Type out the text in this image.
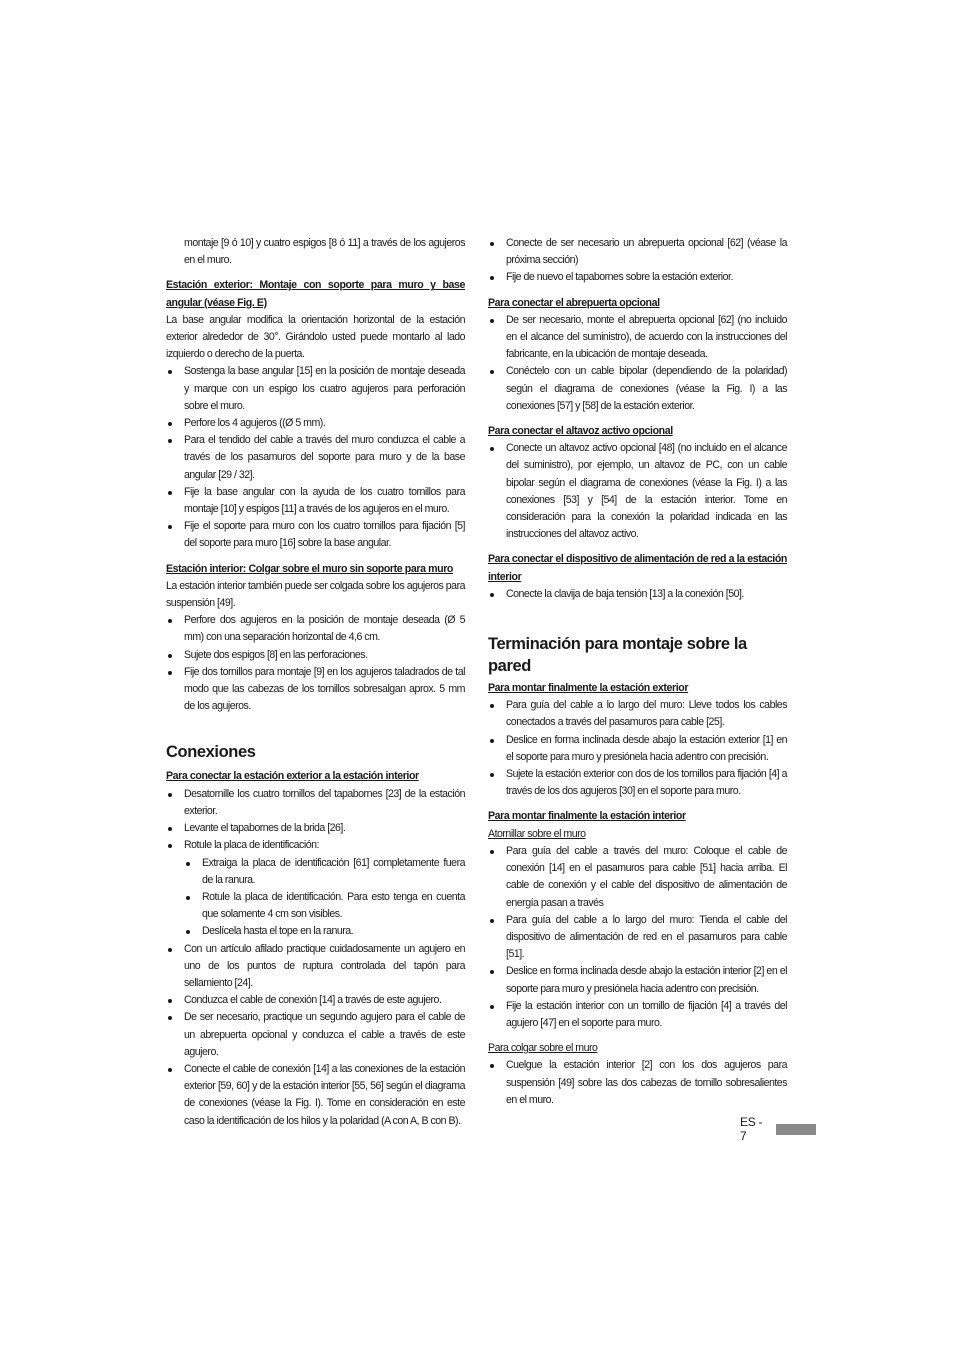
montaje [9 ó 10] y cuatro espigos [8 ó 11] a través de los agujeros en el muro.

Estación exterior: Montaje con soporte para muro y base angular (véase Fig. E)

La base angular modifica la orientación horizontal de la estación exterior alrededor de 30°. Girándolo usted puede montarlo al lado izquierdo o derecho de la puerta.

Sostenga la base angular [15] en la posición de montaje deseada y marque con un espigo los cuatro agujeros para perforación sobre el muro.
Perfore los 4 agujeros ((Ø 5 mm).
Para el tendido del cable a través del muro conduzca el cable a través de los pasamuros del soporte para muro y de la base angular [29 / 32].
Fije la base angular con la ayuda de los cuatro tornillos para montaje [10] y espigos [11] a través de los agujeros en el muro.
Fije el soporte para muro con los cuatro tornillos para fijación [5] del soporte para muro [16] sobre la base angular.

Estación interior: Colgar sobre el muro sin soporte para muro

La estación interior también puede ser colgada sobre los agujeros para suspensión [49].

Perfore dos agujeros en la posición de montaje deseada (Ø 5 mm) con una separación horizontal de 4,6 cm.
Sujete dos espigos [8] en las perforaciones.
Fije dos tornillos para montaje [9] en los agujeros taladrados de tal modo que las cabezas de los tornillos sobresalgan aprox. 5 mm de los agujeros.

Conexiones

Para conectar la estación exterior a la estación interior

Desatornille los cuatro tornillos del tapabornes [23] de la estación exterior.
Levante el tapabornes de la brida [26].
Rotule la placa de identificación:
Extraiga la placa de identificación [61] completamente fuera de la ranura.
Rotule la placa de identificación. Para esto tenga en cuenta que solamente 4 cm son visibles.
Deslícela hasta el tope en la ranura.
Con un artículo afilado practique cuidadosamente un agujero en uno de los puntos de ruptura controlada del tapón para sellamiento [24].
Conduzca el cable de conexión [14] a través de este agujero.
De ser necesario, practique un segundo agujero para el cable de un abrepuerta opcional y conduzca el cable a través de este agujero.
Conecte el cable de conexión [14] a las conexiones de la estación exterior [59, 60] y de la estación interior [55, 56] según el diagrama de conexiones (véase la Fig. I). Tome en consideración en este caso la identificación de los hilos y la polaridad (A con A, B con B).
Conecte de ser necesario un abrepuerta opcional [62] (véase la próxima sección)
Fije de nuevo el tapabornes sobre la estación exterior.

Para conectar el abrepuerta opcional

De ser necesario, monte el abrepuerta opcional [62] (no incluido en el alcance del suministro), de acuerdo con la instrucciones del fabricante, en la ubicación de montaje deseada.
Conéctelo con un cable bipolar (dependiendo de la polaridad) según el diagrama de conexiones (véase la Fig. I) a las conexiones [57] y [58] de la estación exterior.

Para conectar el altavoz activo opcional

Conecte un altavoz activo opcional [48] (no incluido en el alcance del suministro), por ejemplo, un altavoz de PC, con un cable bipolar según el diagrama de conexiones (véase la Fig. I) a las conexiones [53] y [54] de la estación interior. Tome en consideración para la conexión la polaridad indicada en las instrucciones del altavoz activo.

Para conectar el dispositivo de alimentación de red a la estación interior

Conecte la clavija de baja tensión [13] a la conexión [50].

Terminación para montaje sobre la pared

Para montar finalmente la estación exterior

Para guía del cable a lo largo del muro: Lleve todos los cables conectados a través del pasamuros para cable [25].
Deslice en forma inclinada desde abajo la estación exterior [1] en el soporte para muro y presiónela hacia adentro con precisión.
Sujete la estación exterior con dos de los tornillos para fijación [4] a través de los dos agujeros [30] en el soporte para muro.

Para montar finalmente la estación interior

Atornillar sobre el muro

Para guía del cable a través del muro: Coloque el cable de conexión [14] en el pasamuros para cable [51] hacia arriba. El cable de conexión y el cable del dispositivo de alimentación de energía pasan a través
Para guía del cable a lo largo del muro: Tienda el cable del dispositivo de alimentación de red en el pasamuros para cable [51].
Deslice en forma inclinada desde abajo la estación interior [2] en el soporte para muro y presiónela hacia adentro con precisión.
Fije la estación interior con un tornillo de fijación [4] a través del agujero [47] en el soporte para muro.

Para colgar sobre el muro

Cuelgue la estación interior [2] con los dos agujeros para suspensión [49] sobre las dos cabezas de tornillo sobresalientes en el muro.
ES - 7
